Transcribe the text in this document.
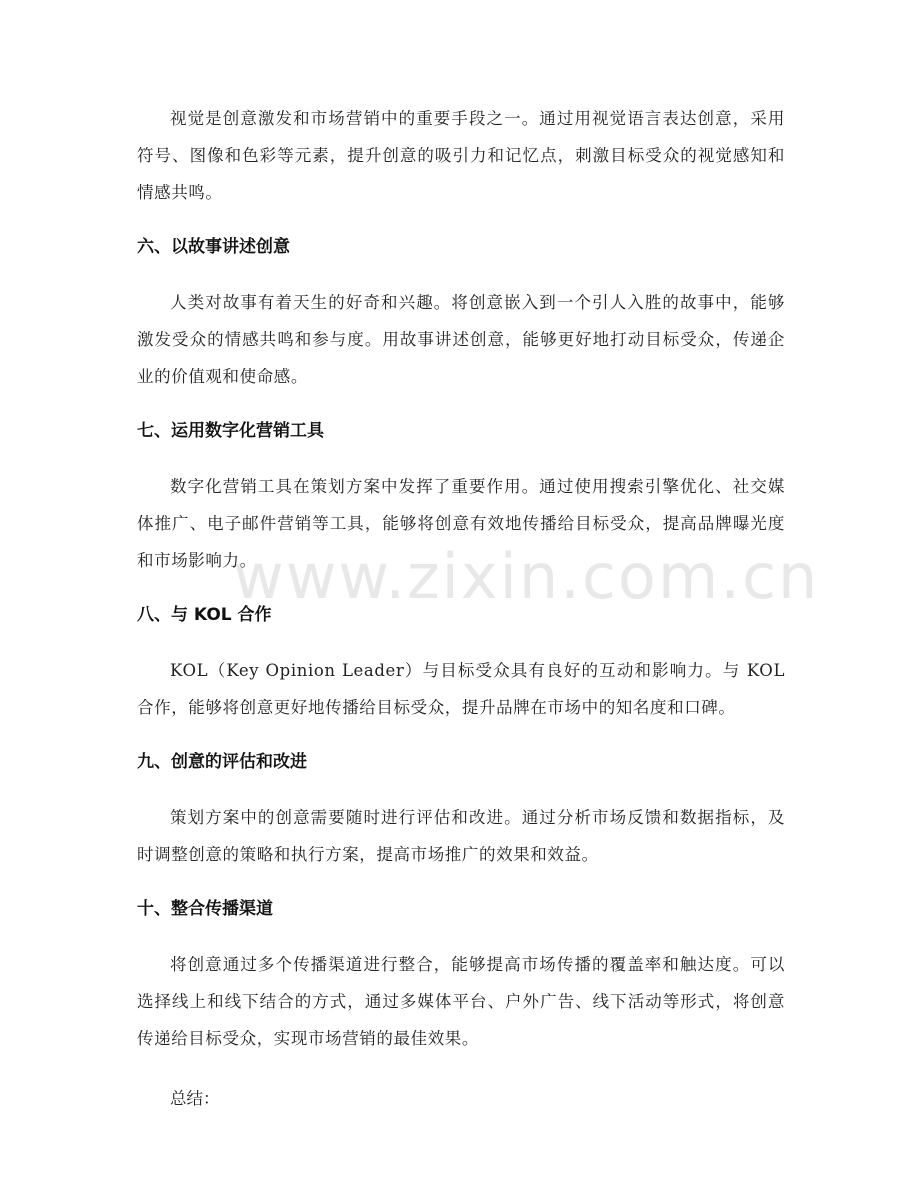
视觉是创意激发和市场营销中的重要手段之一。通过用视觉语言表达创意，采用符号、图像和色彩等元素，提升创意的吸引力和记忆点，刺激目标受众的视觉感知和情感共鸣。

六、以故事讲述创意

人类对故事有着天生的好奇和兴趣。将创意嵌入到一个引人入胜的故事中，能够激发受众的情感共鸣和参与度。用故事讲述创意，能够更好地打动目标受众，传递企业的价值观和使命感。

七、运用数字化营销工具

数字化营销工具在策划方案中发挥了重要作用。通过使用搜索引擎优化、社交媒体推广、电子邮件营销等工具，能够将创意有效地传播给目标受众，提高品牌曝光度和市场影响力。

八、与 KOL 合作

KOL（Key Opinion Leader）与目标受众具有良好的互动和影响力。与 KOL 合作，能够将创意更好地传播给目标受众，提升品牌在市场中的知名度和口碑。

九、创意的评估和改进

策划方案中的创意需要随时进行评估和改进。通过分析市场反馈和数据指标，及时调整创意的策略和执行方案，提高市场推广的效果和效益。

十、整合传播渠道

将创意通过多个传播渠道进行整合，能够提高市场传播的覆盖率和触达度。可以选择线上和线下结合的方式，通过多媒体平台、户外广告、线下活动等形式，将创意传递给目标受众，实现市场营销的最佳效果。

总结：

www.zixin.com.cn
